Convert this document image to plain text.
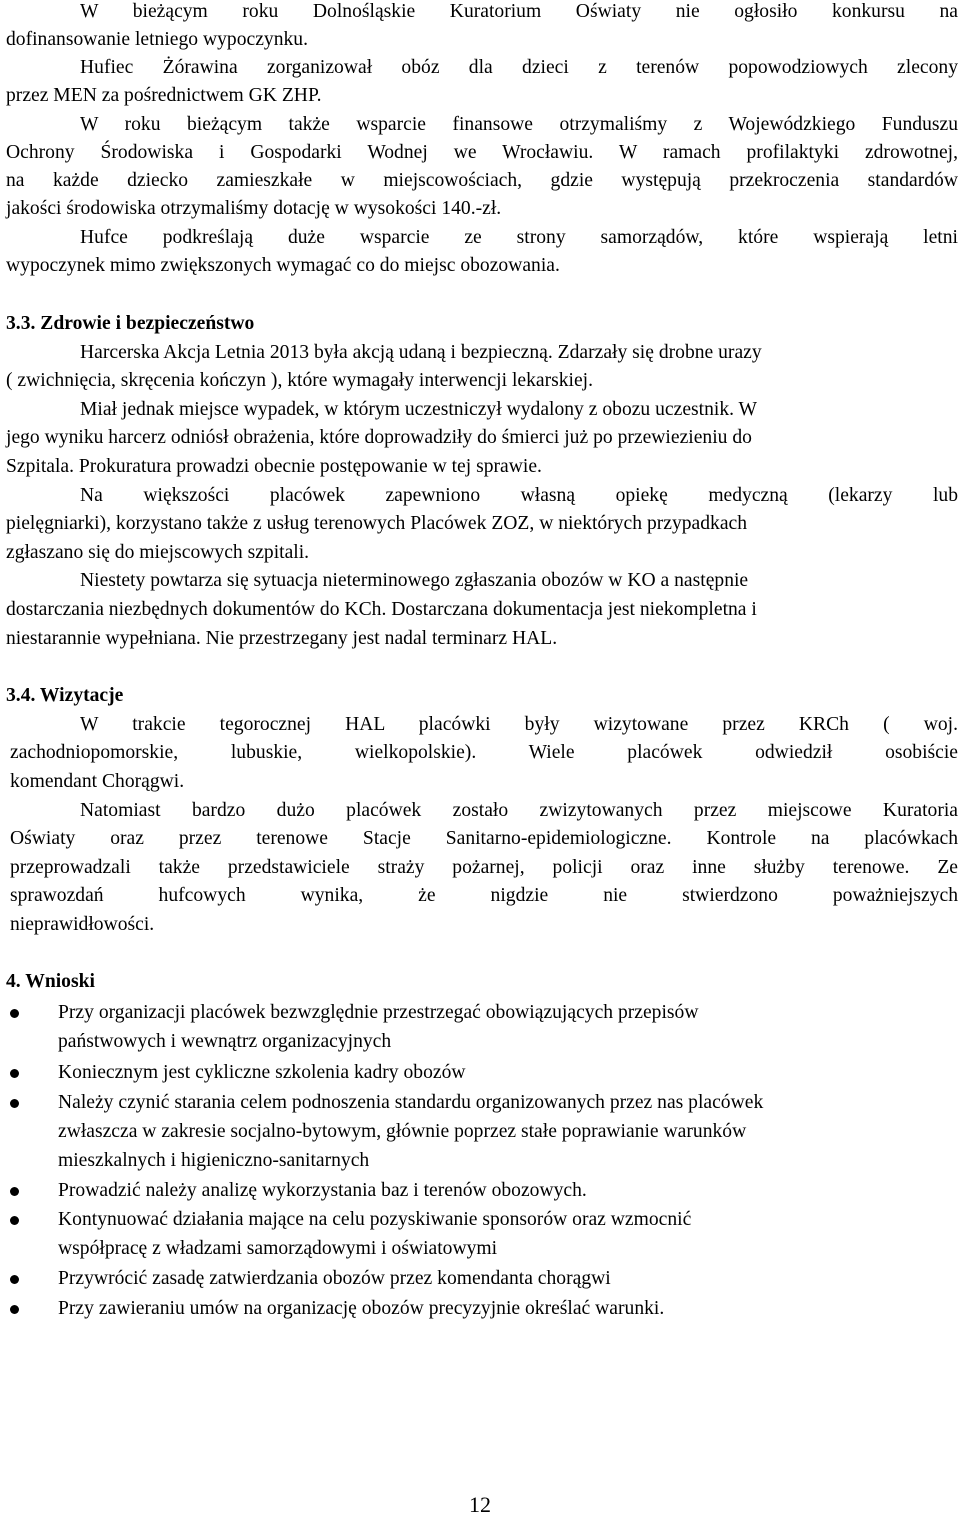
W bieżącym roku Dolnośląskie Kuratorium Oświaty nie ogłosiło konkursu na

dofinansowanie letniego wypoczynku.

Hufiec Żórawina zorganizował obóz dla dzieci z terenów popowodziowych zlecony

przez MEN za pośrednictwem GK ZHP.

W roku bieżącym także wsparcie finansowe otrzymaliśmy z Wojewódzkiego Funduszu

Ochrony Środowiska i Gospodarki Wodnej we Wrocławiu. W ramach profilaktyki zdrowotnej,

na każde dziecko zamieszkałe w miejscowościach, gdzie występują przekroczenia standardów

jakości środowiska otrzymaliśmy dotację w wysokości 140.-zł.

Hufce podkreślają duże wsparcie ze strony samorządów, które wspierają letni

wypoczynek mimo zwiększonych wymagać co do miejsc obozowania.

3.3. Zdrowie i bezpieczeństwo

Harcerska Akcja Letnia 2013 była akcją udaną i bezpieczną. Zdarzały się drobne urazy

( zwichnięcia, skręcenia kończyn ), które wymagały interwencji lekarskiej.

Miał jednak miejsce wypadek, w którym uczestniczył wydalony z obozu uczestnik. W

jego wyniku harcerz odniósł obrażenia, które doprowadziły do śmierci już po przewiezieniu do

Szpitala. Prokuratura prowadzi obecnie postępowanie w tej sprawie.

Na większości placówek zapewniono własną opiekę medyczną (lekarzy lub

pielęgniarki), korzystano także z usług terenowych Placówek ZOZ, w niektórych przypadkach

zgłaszano się do miejscowych szpitali.

Niestety powtarza się sytuacja nieterminowego zgłaszania obozów w KO a następnie

dostarczania niezbędnych dokumentów do KCh. Dostarczana dokumentacja jest niekompletna i

niestarannie wypełniana. Nie przestrzegany jest nadal terminarz HAL.

3.4. Wizytacje

W trakcie tegorocznej HAL placówki były wizytowane przez KRCh ( woj.

zachodniopomorskie, lubuskie, wielkopolskie). Wiele placówek odwiedził osobiście

komendant Chorągwi.

Natomiast bardzo dużo placówek zostało zwizytowanych przez miejscowe Kuratoria

Oświaty oraz przez terenowe Stacje Sanitarno-epidemiologiczne. Kontrole na placówkach

przeprowadzali także przedstawiciele straży pożarnej, policji oraz inne służby terenowe. Ze

sprawozdań hufcowych wynika, że nigdzie nie stwierdzono poważniejszych

nieprawidłowości.

4. Wnioski

Przy organizacji placówek bezwzględnie przestrzegać obowiązujących przepisów

państwowych i wewnątrz organizacyjnych

Koniecznym jest cykliczne szkolenia kadry obozów

Należy czynić starania celem podnoszenia standardu organizowanych przez nas placówek

zwłaszcza w zakresie socjalno-bytowym, głównie poprzez stałe poprawianie warunków

mieszkalnych i higieniczno-sanitarnych

Prowadzić należy analizę wykorzystania baz i terenów obozowych.

Kontynuować działania mające na celu pozyskiwanie sponsorów oraz wzmocnić

współpracę z władzami samorządowymi i oświatowymi

Przywrócić zasadę zatwierdzania obozów przez komendanta chorągwi

Przy zawieraniu umów na organizację obozów precyzyjnie określać warunki.

12
